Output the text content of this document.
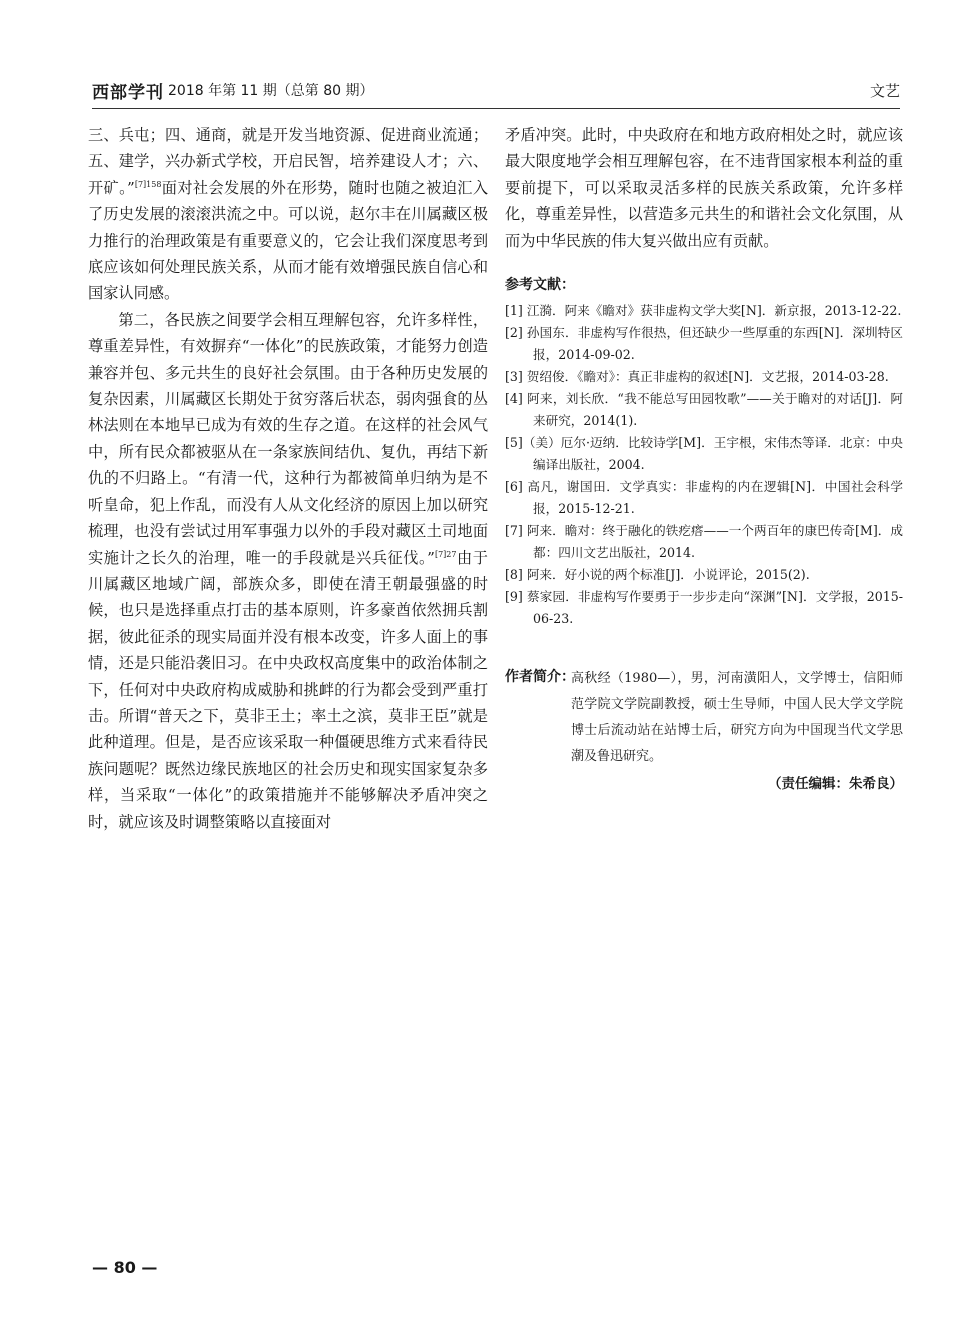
西部学刊 2018 年第 11 期（总第 80 期）	文艺

三、兵屯；四、通商，就是开发当地资源、促进商业流通；五、建学，兴办新式学校，开启民智，培养建设人才；六、开矿。”$^{[7]158}$面对社会发展的外在形势，随时也随之被迫汇入了历史发展的滚滚洪流之中。可以说，赵尔丰在川属藏区极力推行的治理政策是有重要意义的，它会让我们深度思考到底应该如何处理民族关系，从而才能有效增强民族自信心和国家认同感。

第二，各民族之间要学会相互理解包容，允许多样性，尊重差异性，有效摒弃“一体化”的民族政策，才能努力创造兼容并包、多元共生的良好社会氛围。由于各种历史发展的复杂因素，川属藏区长期处于贫穷落后状态，弱肉强食的丛林法则在本地早已成为有效的生存之道。在这样的社会风气中，所有民众都被驱从在一条家族间结仇、复仇，再结下新仇的不归路上。“有清一代，这种行为都被简单归纳为是不听皇命，犯上作乱，而没有人从文化经济的原因上加以研究梳理，也没有尝试过用军事强力以外的手段对藏区土司地面实施计之长久的治理，唯一的手段就是兴兵征伐。”$^{[7]27}$由于川属藏区地域广阔，部族众多，即使在清王朝最强盛的时候，也只是选择重点打击的基本原则，许多豪酋依然拥兵割据，彼此征杀的现实局面并没有根本改变，许多人面上的事情，还是只能沿袭旧习。在中央政权高度集中的政治体制之下，任何对中央政府构成威胁和挑衅的行为都会受到严重打击。所谓“普天之下，莫非王土；率土之滨，莫非王臣”就是此种道理。但是，是否应该采取一种僵硬思维方式来看待民族问题呢？既然边缘民族地区的社会历史和现实国家复杂多样，当采取“一体化”的政策措施并不能够解决矛盾冲突之时，就应该及时调整策略以直接面对

矛盾冲突。此时，中央政府在和地方政府相处之时，就应该最大限度地学会相互理解包容，在不违背国家根本利益的重要前提下，可以采取灵活多样的民族关系政策，允许多样化，尊重差异性，以营造多元共生的和谐社会文化氛围，从而为中华民族的伟大复兴做出应有贡献。

参考文献：
[1] 江漪．阿来《瞻对》获非虚构文学大奖[N]．新京报，2013-12-22.
[2] 孙国东．非虚构写作很热，但还缺少一些厚重的东西[N]．深圳特区报，2014-09-02.
[3] 贺绍俊．《瞻对》：真正非虚构的叙述[N]．文艺报，2014-03-28.
[4] 阿来，刘长欣．“我不能总写田园牧歌”——关于瞻对的对话[J]．阿来研究，2014(1).
[5]（美）厄尔·迈纳．比较诗学[M]．王宇根，宋伟杰等译．北京：中央编译出版社，2004.
[6] 高凡，谢国田．文学真实：非虚构的内在逻辑[N]．中国社会科学报，2015-12-21.
[7] 阿来．瞻对：终于融化的铁疙瘩——一个两百年的康巴传奇[M]．成都：四川文艺出版社，2014.
[8] 阿来．好小说的两个标准[J]．小说评论，2015(2).
[9] 蔡家园．非虚构写作要勇于一步步走向“深渊”[N]．文学报，2015-06-23.
作者简介：
高秋经（1980—），男，河南潢阳人，文学博士，信阳师范学院文学院副教授，硕士生导师，中国人民大学文学院博士后流动站在站博士后，研究方向为中国现当代文学思潮及鲁迅研究。
（责任编辑：朱希良）
— 80 —
